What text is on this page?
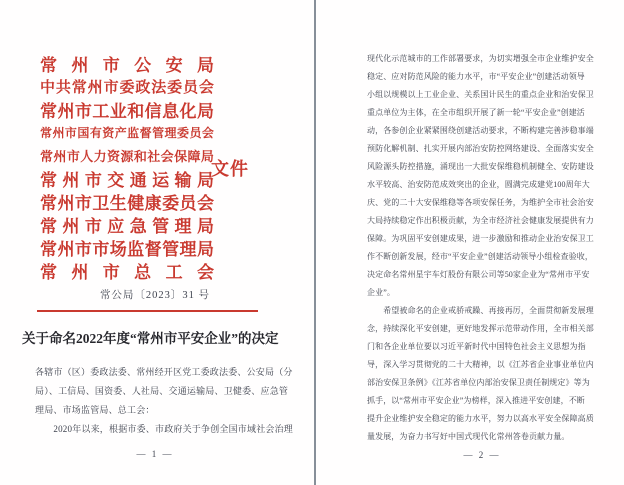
常 州 市 公 安 局
中 共 常 州 市 委 政 法 委 员 会
常 州 市 工 业 和 信 息 化 局
常 州 市 国 有 资 产 监 督 管 理 委 员 会
常 州 市 人 力 资 源 和 社 会 保 障 局
常 州 市 交 通 运 输 局
常 州 市 卫 生 健 康 委 员 会
常 州 市 应 急 管 理 局
常 州 市 市 场 监 督 管 理 局
常 州 市 总 工 会
文件
常公局〔2023〕31 号
关于命名2022年度“常州市平安企业”的决定
各辖市（区）委政法委、常州经开区党工委政法委、公安局（分
局）、工信局、国资委、人社局、交通运输局、卫健委、应急管
理局、市场监管局、总工会：
　　2020年以来，根据市委、市政府关于争创全国市域社会治理
— 1 —
现代化示范城市的工作部署要求，为切实增强全市企业维护安全
稳定、应对防范风险的能力水平，市“平安企业”创建活动领导
小组以规模以上工业企业、关系国计民生的重点企业和治安保卫
重点单位为主体，在全市组织开展了新一轮“平安企业”创建活
动，各参创企业紧紧围绕创建活动要求，不断构建完善涉稳事端
预防化解机制、扎实开展内部治安防控网络建设、全面落实安全
风险源头防控措施，涌现出一大批安保维稳机制健全、安防建设
水平较高、治安防范成效突出的企业，圆满完成建党100周年大
庆、党的二十大安保维稳等各项安保任务，为维护全市社会治安
大局持续稳定作出积极贡献，为全市经济社会健康发展提供有力
保障。为巩固平安创建成果，进一步激励和推动企业治安保卫工
作不断创新发展，经市“平安企业”创建活动领导小组检查验收，
决定命名常州星宇车灯股份有限公司等50家企业为“常州市平安
企业”。
　　希望被命名的企业戒骄戒躁、再接再厉，全面贯彻新发展理
念，持续深化平安创建，更好地发挥示范带动作用，全市相关部
门和各企业单位要以习近平新时代中国特色社会主义思想为指
导，深入学习贯彻党的二十大精神，以《江苏省企业事业单位内
部治安保卫条例》《江苏省单位内部治安保卫责任制规定》等为
抓手，以“常州市平安企业”为榜样，深入推进平安创建，不断
提升企业维护安全稳定的能力水平，努力以高水平安全保障高质
量发展，为奋力书写好中国式现代化常州答卷贡献力量。
— 2 —
